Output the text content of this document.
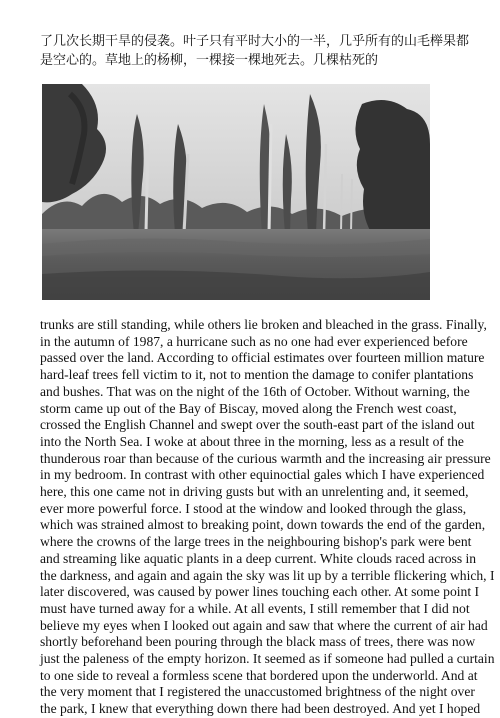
了几次长期干旱的侵袭。叶子只有平时大小的一半，几乎所有的山毛榉果都
是空心的。草地上的杨柳，一棵接一棵地死去。几棵枯死的
trunks are still standing, while others lie broken and bleached in the grass. Finally,
in the autumn of 1987, a hurricane such as no one had ever experienced before
passed over the land. According to official estimates over fourteen million mature
hard-leaf trees fell victim to it, not to mention the damage to conifer plantations
and bushes. That was on the night of the 16th of October. Without warning, the
storm came up out of the Bay of Biscay, moved along the French west coast,
crossed the English Channel and swept over the south-east part of the island out
into the North Sea. I woke at about three in the morning, less as a result of the
thunderous roar than because of the curious warmth and the increasing air pressure
in my bedroom. In contrast with other equinoctial gales which I have experienced
here, this one came not in driving gusts but with an unrelenting and, it seemed,
ever more powerful force. I stood at the window and looked through the glass,
which was strained almost to breaking point, down towards the end of the garden,
where the crowns of the large trees in the neighbouring bishop's park were bent
and streaming like aquatic plants in a deep current. White clouds raced across in
the darkness, and again and again the sky was lit up by a terrible flickering which, I
later discovered, was caused by power lines touching each other. At some point I
must have turned away for a while. At all events, I still remember that I did not
believe my eyes when I looked out again and saw that where the current of air had
shortly beforehand been pouring through the black mass of trees, there was now
just the paleness of the empty horizon. It seemed as if someone had pulled a curtain
to one side to reveal a formless scene that bordered upon the underworld. And at
the very moment that I registered the unaccustomed brightness of the night over
the park, I knew that everything down there had been destroyed. And yet I hoped
